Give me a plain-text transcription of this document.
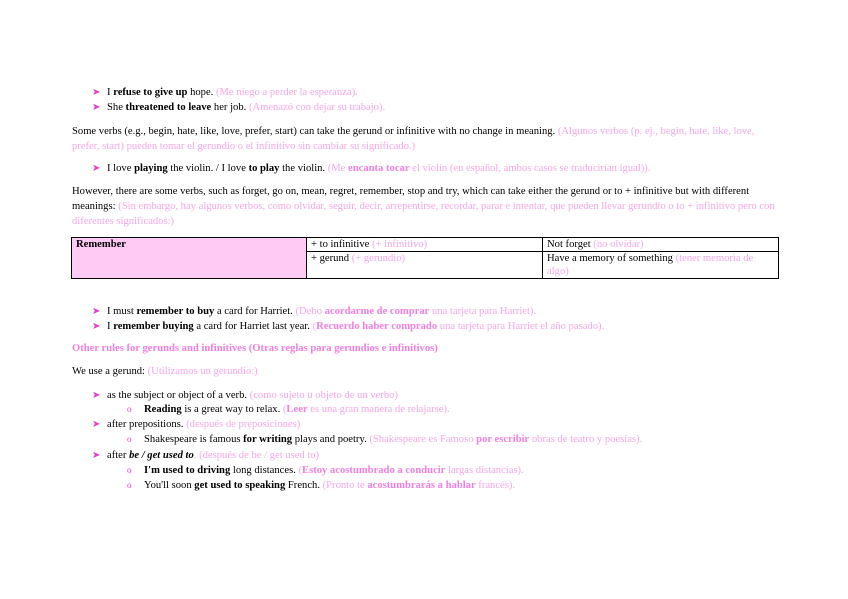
➤ I refuse to give up hope. (Me niego a perder la esperanza).
➤ She threatened to leave her job. (Amenazó con dejar su trabajo).
Some verbs (e.g., begin, hate, like, love, prefer, start) can take the gerund or infinitive with no change in meaning. (Algunos verbos (p. ej., begin, hate, like, love, prefer, start) pueden tomar el gerundio o el infinitivo sin cambiar su significado.)
➤ I love playing the violin. / I love to play the violin. (Me encanta tocar el violín (en español, ambos casos se traducirían igual)).
However, there are some verbs, such as forget, go on, mean, regret, remember, stop and try, which can take either the gerund or to + infinitive but with different meanings: (Sin embargo, hay algunos verbos, como olvidar, seguir, decir, arrepentirse, recordar, parar e intentar, que pueden llevar gerundio o to + infinitivo pero con diferentes significados:)
Remember	+ to infinitive (+ infinitivo)	Not forget (no olvidar)
	+ gerund (+ gerundio)	Have a memory of something (tener memoria de algo)
➤ I must remember to buy a card for Harriet. (Debo acordarme de comprar una tarjeta para Harriet).
➤ I remember buying a card for Harriet last year. (Recuerdo haber comprado una tarjeta para Harriet el año pasado).
Other rules for gerunds and infinitives (Otras reglas para gerundios e infinitivos)
We use a gerund: (Utilizamos un gerundio:)
➤ as the subject or object of a verb. (como sujeto u objeto de un verbo)
o Reading is a great way to relax. (Leer es una gran manera de relajarse).
➤ after prepositions. (después de preposiciones)
o Shakespeare is famous for writing plays and poetry. (Shakespeare es Famoso por escribir obras de teatro y poesías).
➤ after be / get used to. (después de be / get used to)
o I'm used to driving long distances. (Estoy acostumbrado a conducir largas distancias).
o You'll soon get used to speaking French. (Pronto te acostumbrarás a hablar francés).
